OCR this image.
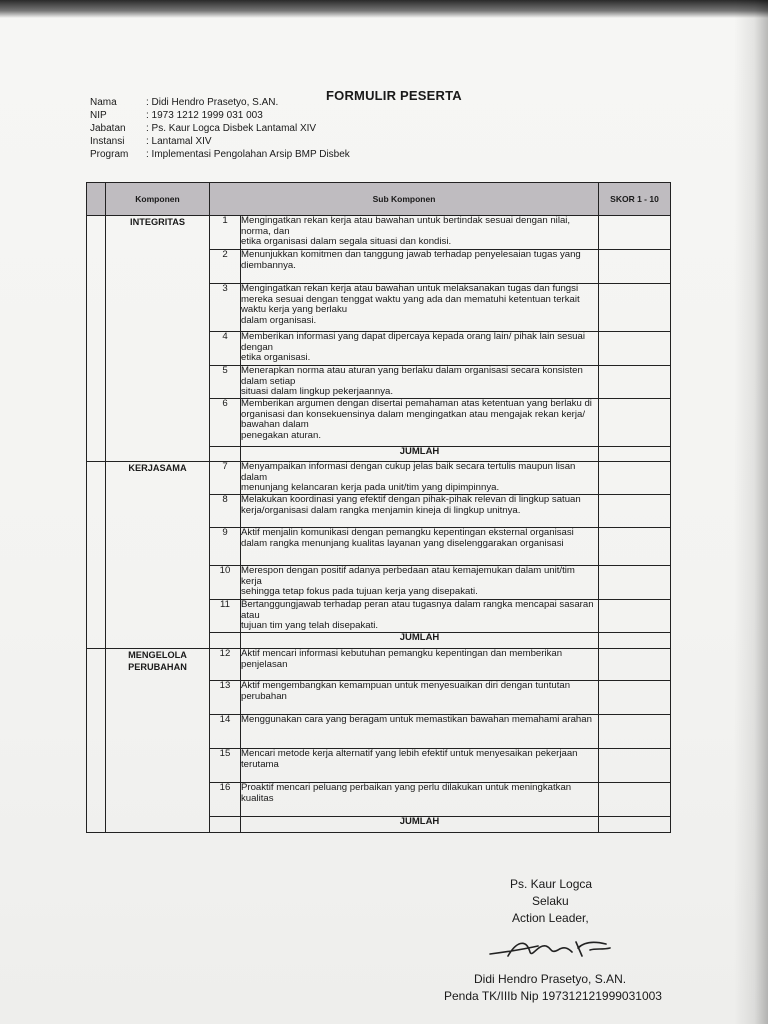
FORMULIR PESERTA
Nama	: Didi Hendro Prasetyo, S.AN.
NIP	: 1973 1212 1999 031 003
Jabatan	: Ps. Kaur Logca Disbek Lantamal XIV
Instansi	: Lantamal XIV
Program	: Implementasi Pengolahan Arsip BMP Disbek
	Komponen	Sub Komponen		SKOR 1 - 10
	INTEGRITAS	1	Mengingatkan rekan kerja atau bawahan untuk bertindak sesuai dengan nilai, norma, dan
etika organisasi dalam segala situasi dan kondisi.	
		2	Menunjukkan komitmen dan tanggung jawab terhadap penyelesaian tugas yang diembannya.	
		3	Mengingatkan rekan kerja atau bawahan untuk melaksanakan tugas dan fungsi mereka sesuai dengan tenggat waktu yang ada dan mematuhi ketentuan terkait waktu kerja yang berlaku
dalam organisasi.	
		4	Memberikan informasi yang dapat dipercaya kepada orang lain/ pihak lain sesuai dengan
etika organisasi.	
		5	Menerapkan norma atau aturan yang berlaku dalam organisasi secara konsisten dalam setiap
situasi dalam lingkup pekerjaannya.	
		6	Memberikan argumen dengan disertai pemahaman atas ketentuan yang berlaku di organisasi dan konsekuensinya dalam mengingatkan atau mengajak rekan kerja/ bawahan dalam
penegakan aturan.	
			JUMLAH	
	KERJASAMA	7	Menyampaikan informasi dengan cukup jelas baik secara tertulis maupun lisan dalam
menunjang kelancaran kerja pada unit/tim yang dipimpinnya.	
		8	Melakukan koordinasi yang efektif dengan pihak-pihak relevan di lingkup satuan
kerja/organisasi dalam rangka menjamin kineja di lingkup unitnya.	
		9	Aktif menjalin komunikasi dengan pemangku kepentingan eksternal organisasi dalam rangka menunjang kualitas layanan yang diselenggarakan organisasi	
		10	Merespon dengan positif adanya perbedaan atau kemajemukan dalam unit/tim kerja
sehingga tetap fokus pada tujuan kerja yang disepakati.	
		11	Bertanggungjawab terhadap peran atau tugasnya dalam rangka mencapai sasaran atau
tujuan tim yang telah disepakati.	
			JUMLAH	
	MENGELOLA
PERUBAHAN	12	Aktif mencari informasi kebutuhan pemangku kepentingan dan memberikan penjelasan	
		13	Aktif mengembangkan kemampuan untuk menyesuaikan diri dengan tuntutan perubahan	
		14	Menggunakan cara yang beragam untuk memastikan bawahan memahami arahan	
		15	Mencari metode kerja alternatif yang lebih efektif untuk menyesaikan pekerjaan terutama	
		16	Proaktif mencari peluang perbaikan yang perlu dilakukan untuk meningkatkan kualitas	
			JUMLAH	
Ps. Kaur Logca
Selaku
Action Leader,
Didi Hendro Prasetyo, S.AN.
Penda TK/IIIb Nip 197312121999031003
